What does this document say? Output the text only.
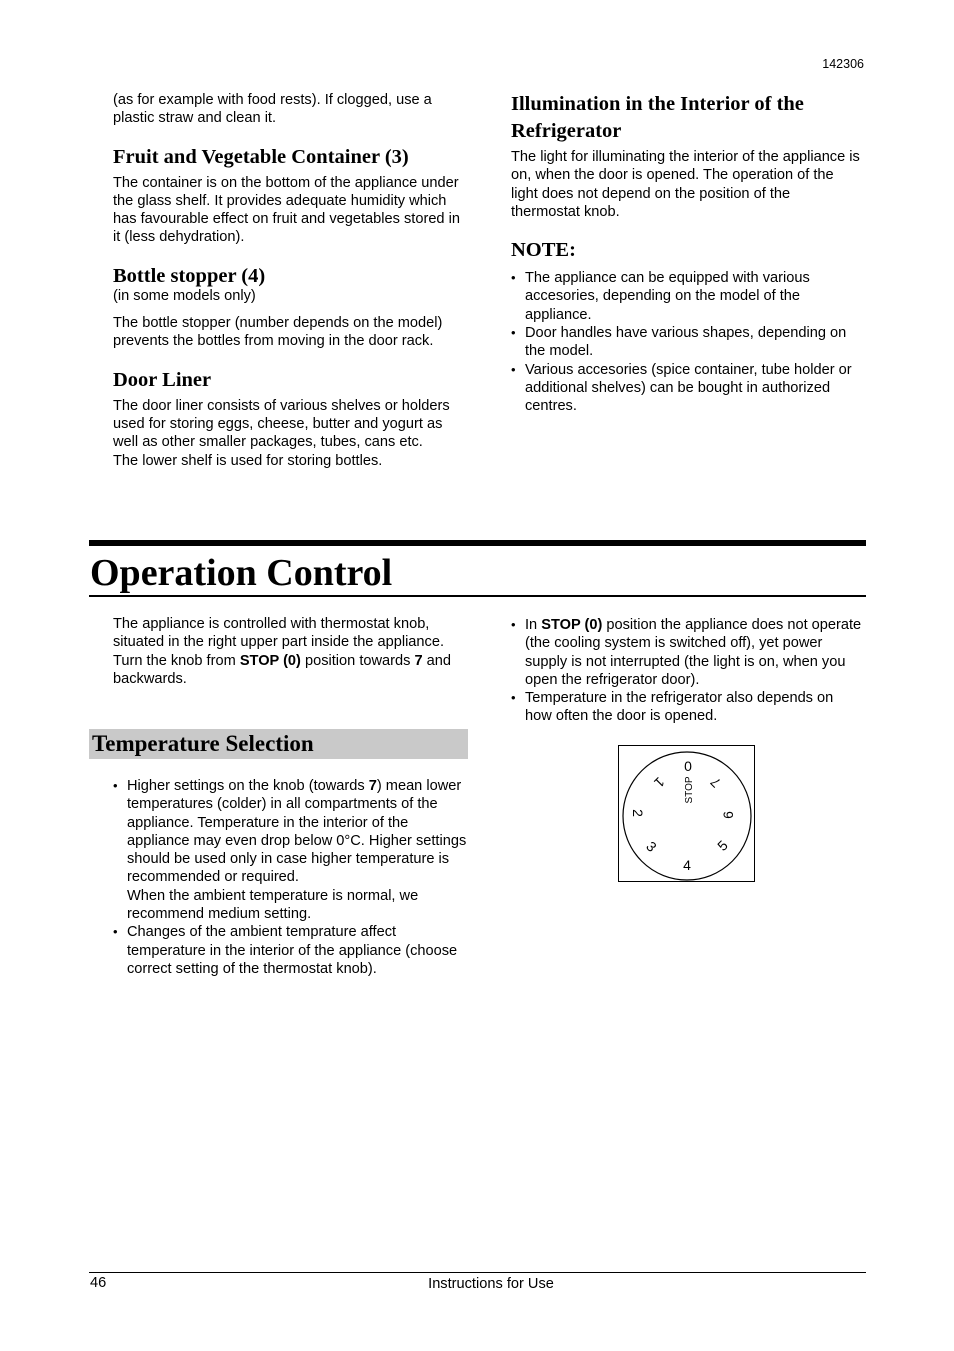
142306

(as for example with food rests). If clogged, use a plastic straw and clean it.

Fruit and Vegetable Container (3)

The container is on the bottom of the appliance under the glass shelf. It provides adequate humidity which has favourable effect on fruit and vegetables stored in it (less dehydration).

Bottle stopper (4)

(in some models only)

The bottle stopper (number depends on the model) prevents the bottles from moving in the door rack.

Door Liner

The door liner consists of various shelves or holders used for storing eggs, cheese, butter and yogurt as well as other smaller packages, tubes, cans etc.

The lower shelf is used for storing bottles.

Illumination in the Interior of the Refrigerator

The light for illuminating the interior of the appliance is on, when the door is opened. The operation of the light does not depend on the position of the thermostat knob.

NOTE:
• The appliance can be equipped with various accesories, depending on the model of the appliance.
• Door handles have various shapes, depending on the model.
• Various accesories (spice container, tube holder or additional shelves) can be bought in authorized centres.
Operation Control

The appliance is controlled with thermostat knob, situated in the right upper part inside the appliance.

Turn the knob from STOP (0) position towards 7 and backwards.

• In STOP (0) position the appliance does not operate (the cooling system is switched off), yet power supply is not interrupted (the light is on, when you open the refrigerator door).
• Temperature in the refrigerator also depends on how often the door is opened.
Temperature Selection
• Higher settings on the knob (towards 7) mean lower temperatures (colder) in all compartments of the appliance. Temperature in the interior of the appliance may even drop below 0°C. Higher settings should be used only in case higher temperature is recommended or required.
When the ambient temperature is normal, we recommend medium setting.
• Changes of the ambient temprature affect temperature in the interior of the appliance (choose correct setting of the thermostat knob).
0
STOP
1
2
3
4
5
6
7
46	Instructions for Use
